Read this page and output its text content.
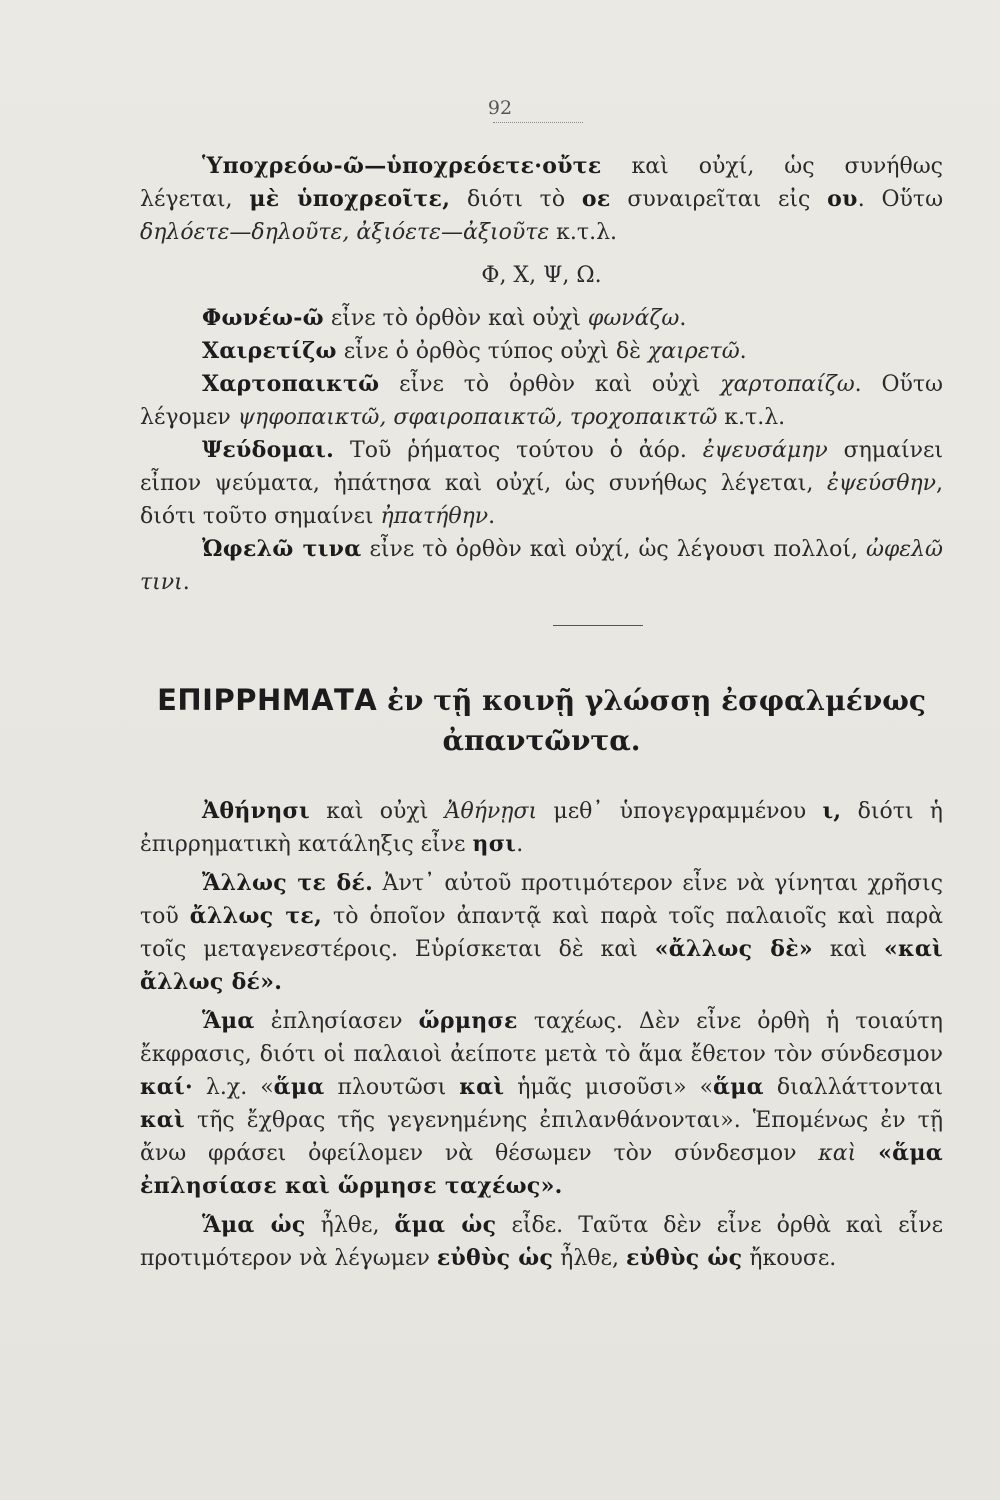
92

Ὑποχρεόω-ῶ—ὑποχρεόετε·οὔτε καὶ οὐχί, ὡς συνήθως λέγεται, μὲ ὑποχρεοῖτε, διότι τὸ οε συναιρεῖται εἰς ου. Οὕτω δηλόετε—δηλοῦτε, ἀξιόετε—ἀξιοῦτε κ.τ.λ.

Φ, Χ, Ψ, Ω.

Φωνέω-ῶ εἶνε τὸ ὀρθὸν καὶ οὐχὶ φωνάζω.

Χαιρετίζω εἶνε ὁ ὀρθὸς τύπος οὐχὶ δὲ χαιρετῶ.

Χαρτοπαικτῶ εἶνε τὸ ὀρθὸν καὶ οὐχὶ χαρτοπαίζω. Οὕτω λέγομεν ψηφοπαικτῶ, σφαιροπαικτῶ, τροχοπαικτῶ κ.τ.λ.

Ψεύδομαι. Τοῦ ῥήματος τούτου ὁ ἀόρ. ἐψευσάμην σημαίνει εἶπον ψεύματα, ἠπάτησα καὶ οὐχί, ὡς συνήθως λέγεται, ἐψεύσθην, διότι τοῦτο σημαίνει ἠπατήθην.

Ὠφελῶ τινα εἶνε τὸ ὀρθὸν καὶ οὐχί, ὡς λέγουσι πολλοί, ὠφελῶ τινι.

ΕΠΙΡΡΗΜΑΤΑ ἐν τῇ κοινῇ γλώσσῃ ἐσφαλμένως
ἀπαντῶντα.

Ἀθήνησι καὶ οὐχὶ Ἀθήνῃσι μεθ᾽ ὑπογεγραμμένου ι, διότι ἡ ἐπιρρηματικὴ κατάληξις εἶνε ησι.

Ἄλλως τε δέ. Ἀντ᾽ αὐτοῦ προτιμότερον εἶνε νὰ γίνηται χρῆσις τοῦ ἄλλως τε, τὸ ὁποῖον ἀπαντᾷ καὶ παρὰ τοῖς παλαιοῖς καὶ παρὰ τοῖς μεταγενεστέροις. Εὑρίσκεται δὲ καὶ «ἄλλως δὲ» καὶ «καὶ ἄλλως δέ».

Ἅμα ἐπλησίασεν ὥρμησε ταχέως. Δὲν εἶνε ὀρθὴ ἡ τοιαύτη ἔκφρασις, διότι οἱ παλαιοὶ ἀείποτε μετὰ τὸ ἅμα ἔθετον τὸν σύνδεσμον καί· λ.χ. «ἅμα πλουτῶσι καὶ ἡμᾶς μισοῦσι» «ἅμα διαλλάττονται καὶ τῆς ἔχθρας τῆς γεγενημένης ἐπιλανθάνονται». Ἑπομένως ἐν τῇ ἄνω φράσει ὀφείλομεν νὰ θέσωμεν τὸν σύνδεσμον καὶ «ἅμα ἐπλησίασε καὶ ὥρμησε ταχέως».

Ἅμα ὡς ἦλθε, ἅμα ὡς εἶδε. Ταῦτα δὲν εἶνε ὀρθὰ καὶ εἶνε προτιμότερον νὰ λέγωμεν εὐθὺς ὡς ἦλθε, εὐθὺς ὡς ἤκουσε.
